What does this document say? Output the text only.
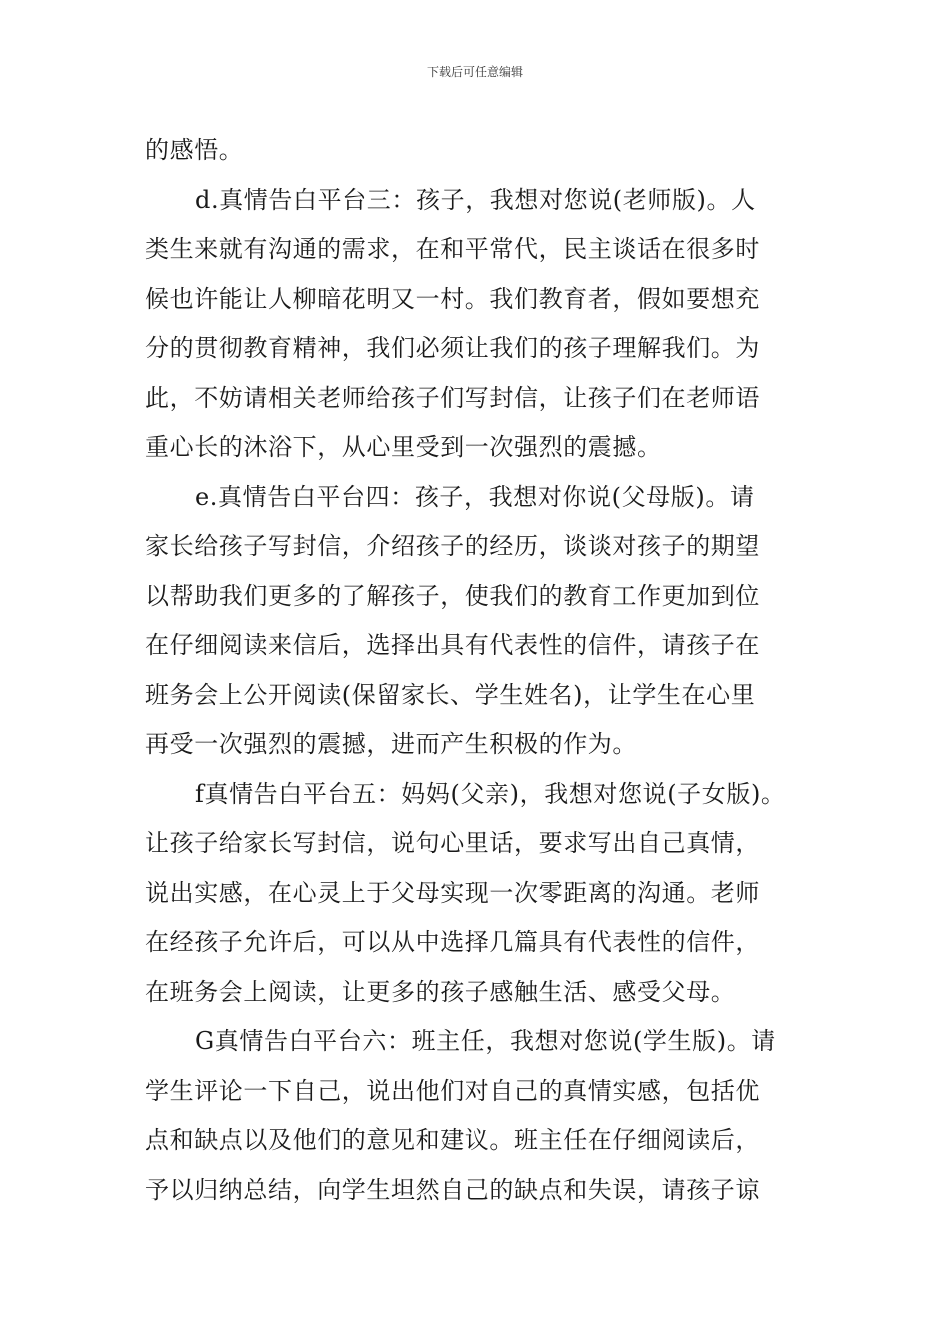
下载后可任意编辑
的感悟。
d.真情告白平台三：孩子，我想对您说(老师版)。人
类生来就有沟通的需求，在和平常代，民主谈话在很多时
候也许能让人柳暗花明又一村。我们教育者，假如要想充
分的贯彻教育精神，我们必须让我们的孩子理解我们。为
此，不妨请相关老师给孩子们写封信，让孩子们在老师语
重心长的沐浴下，从心里受到一次强烈的震撼。
e.真情告白平台四：孩子，我想对你说(父母版)。请
家长给孩子写封信，介绍孩子的经历，谈谈对孩子的期望
以帮助我们更多的了解孩子，使我们的教育工作更加到位
在仔细阅读来信后，选择出具有代表性的信件，请孩子在
班务会上公开阅读(保留家长、学生姓名)，让学生在心里
再受一次强烈的震撼，进而产生积极的作为。
f真情告白平台五：妈妈(父亲)，我想对您说(子女版)。
让孩子给家长写封信，说句心里话，要求写出自己真情，
说出实感，在心灵上于父母实现一次零距离的沟通。老师
在经孩子允许后，可以从中选择几篇具有代表性的信件，
在班务会上阅读，让更多的孩子感触生活、感受父母。
G真情告白平台六：班主任，我想对您说(学生版)。请
学生评论一下自己，说出他们对自己的真情实感，包括优
点和缺点以及他们的意见和建议。班主任在仔细阅读后，
予以归纳总结，向学生坦然自己的缺点和失误，请孩子谅
